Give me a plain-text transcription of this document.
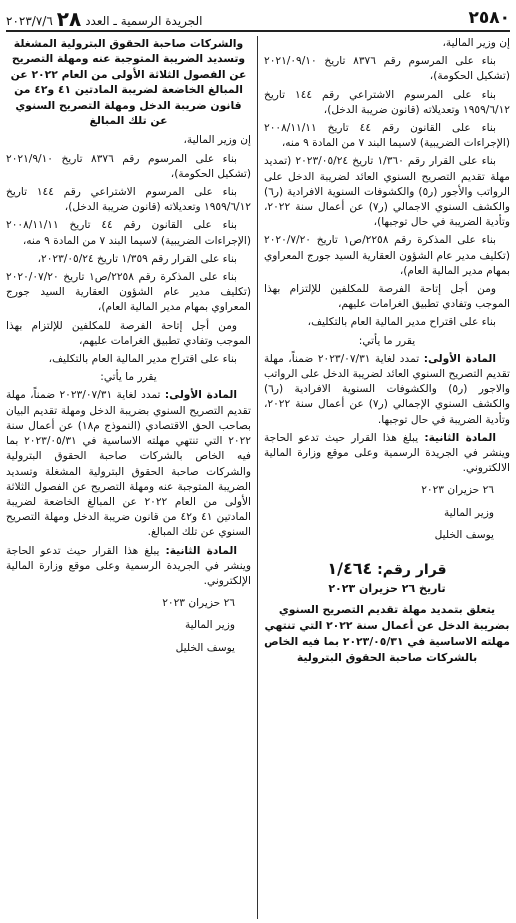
٢٥٨٠
الجريدة الرسمية ـ العدد
٢٨
٢٠٢٣/٧/٦

إن وزير المالية،

بناء على المرسوم رقم ٨٣٧٦ تاريخ ٢٠٢١/٠٩/١٠ (تشكيل الحكومة)،

بناء على المرسوم الاشتراعي رقم ١٤٤ تاريخ ١٩٥٩/٦/١٢ وتعديلاته (قانون ضريبة الدخل)،

بناء على القانون رقم ٤٤ تاريخ ٢٠٠٨/١١/١١ (الإجراءات الضريبية) لاسيما البند ٧ من المادة ٩ منه،

بناء على القرار رقم ١/٣٦٠ تاريخ ٢٠٢٣/٠٥/٢٤ (تمديد مهلة تقديم التصريح السنوي العائد لضريبة الدخل على الرواتب والأجور (ر٥) والكشوفات السنوية الافرادية (ر٦) والكشف السنوي الاجمالي (ر٧) عن أعمال سنة ٢٠٢٢، وتأدية الضريبة في حال توجبها)،

بناء على المذكرة رقم ٢٢٥٨/ص١ تاريخ ٢٠٢٠/٧/٢٠ (تكليف مدير عام الشؤون العقارية السيد جورج المعراوي بمهام مدير المالية العام)،

ومن أجل إتاحة الفرصة للمكلفين للإلتزام بهذا الموجب وتفادي تطبيق الغرامات عليهم،

بناء على اقتراح مدير المالية العام بالتكليف،

يقرر ما يأتي:

المادة الأولى: تمدد لغاية ٢٠٢٣/٠٧/٣١ ضمناً، مهلة تقديم التصريح السنوي العائد لضريبة الدخل على الرواتب والاجور (ر٥) والكشوفات السنوية الافرادية (ر٦) والكشف السنوي الإجمالي (ر٧) عن أعمال سنة ٢٠٢٢، وتأدية الضريبة في حال توجبها.

المادة الثانية: يبلغ هذا القرار حيث تدعو الحاجة وينشر في الجريدة الرسمية وعلى موقع وزارة المالية الالكتروني.

٢٦ حزيران ٢٠٢٣

وزير المالية

يوسف الخليل

قرار رقم: ١/٤٦٤
تاريخ ٢٦ حزيران ٢٠٢٣
يتعلق بتمديد مهلة تقديم التصريح السنوي بضريبة الدخل عن أعمال سنة ٢٠٢٢ التي تنتهي مهلته الاساسية في ٢٠٢٣/٠٥/٣١ بما فيه الخاص بالشركات صاحبة الحقوق البترولية
والشركات صاحبة الحقوق البترولية المشغلة وتسديد الضريبة المتوجبة عنه ومهلة التصريح عن الفصول الثلاثة الأولى من العام ٢٠٢٢ عن المبالغ الخاضعة لضريبة المادتين ٤١ و٤٢ من قانون ضريبة الدخل ومهلة التصريح السنوي عن تلك المبالغ

إن وزير المالية،

بناء على المرسوم رقم ٨٣٧٦ تاريخ ٢٠٢١/٩/١٠ (تشكيل الحكومة)،

بناء على المرسوم الاشتراعي رقم ١٤٤ تاريخ ١٩٥٩/٦/١٢ وتعديلاته (قانون ضريبة الدخل)،

بناء على القانون رقم ٤٤ تاريخ ٢٠٠٨/١١/١١ (الإجراءات الضريبية) لاسيما البند ٧ من المادة ٩ منه،

بناء على القرار رقم ١/٣٥٩ تاريخ ٢٠٢٣/٠٥/٢٤،

بناء على المذكرة رقم ٢٢٥٨/ص١ تاريخ ٢٠٢٠/٠٧/٢٠ (تكليف مدير عام الشؤون العقارية السيد جورج المعراوي بمهام مدير المالية العام)،

ومن أجل إتاحة الفرصة للمكلفين للإلتزام بهذا الموجب وتفادي تطبيق الغرامات عليهم،

بناء على اقتراح مدير المالية العام بالتكليف،

يقرر ما يأتي:

المادة الأولى: تمدد لغاية ٢٠٢٣/٠٧/٣١ ضمناً، مهلة تقديم التصريح السنوي بضريبة الدخل ومهلة تقديم البيان بصاحب الحق الاقتصادي (النموذج م١٨) عن أعمال سنة ٢٠٢٢ التي تنتهي مهلته الاساسية في ٢٠٢٣/٠٥/٣١ بما فيه الخاص بالشركات صاحبة الحقوق البترولية والشركات صاحبة الحقوق البترولية المشغلة وتسديد الضريبة المتوجبة عنه ومهلة التصريح عن الفصول الثلاثة الأولى من العام ٢٠٢٢ عن المبالغ الخاضعة لضريبة المادتين ٤١ و٤٢ من قانون ضريبة الدخل ومهلة التصريح السنوي عن تلك المبالغ.

المادة الثانية: يبلغ هذا القرار حيث تدعو الحاجة وينشر في الجريدة الرسمية وعلى موقع وزارة المالية الإلكتروني.

٢٦ حزيران ٢٠٢٣

وزير المالية

يوسف الخليل
